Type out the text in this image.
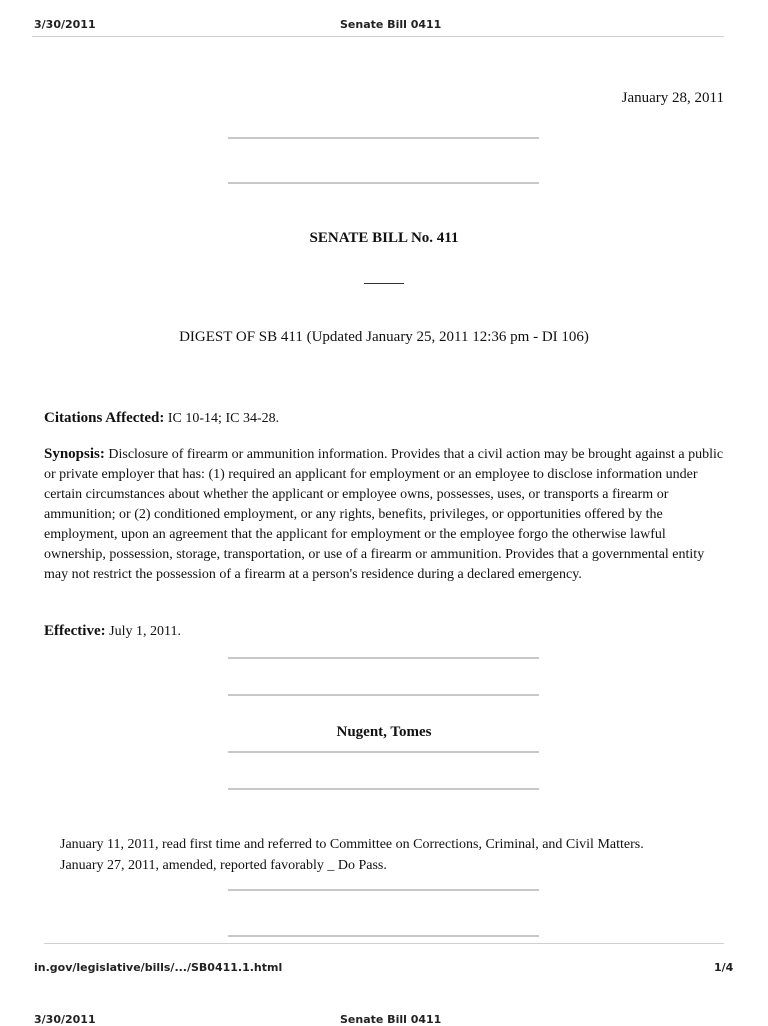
3/30/2011	Senate Bill 0411
January 28, 2011
SENATE BILL No. 411
DIGEST OF SB 411 (Updated January 25, 2011 12:36 pm - DI 106)
Citations Affected: IC 10-14; IC 34-28.
Synopsis: Disclosure of firearm or ammunition information. Provides that a civil action may be brought against a public or private employer that has: (1) required an applicant for employment or an employee to disclose information under certain circumstances about whether the applicant or employee owns, possesses, uses, or transports a firearm or ammunition; or (2) conditioned employment, or any rights, benefits, privileges, or opportunities offered by the employment, upon an agreement that the applicant for employment or the employee forgo the otherwise lawful ownership, possession, storage, transportation, or use of a firearm or ammunition. Provides that a governmental entity may not restrict the possession of a firearm at a person's residence during a declared emergency.
Effective: July 1, 2011.
Nugent, Tomes
January 11, 2011, read first time and referred to Committee on Corrections, Criminal, and Civil Matters.
January 27, 2011, amended, reported favorably _ Do Pass.
in.gov/legislative/bills/.../SB0411.1.html	1/4
3/30/2011	Senate Bill 0411
